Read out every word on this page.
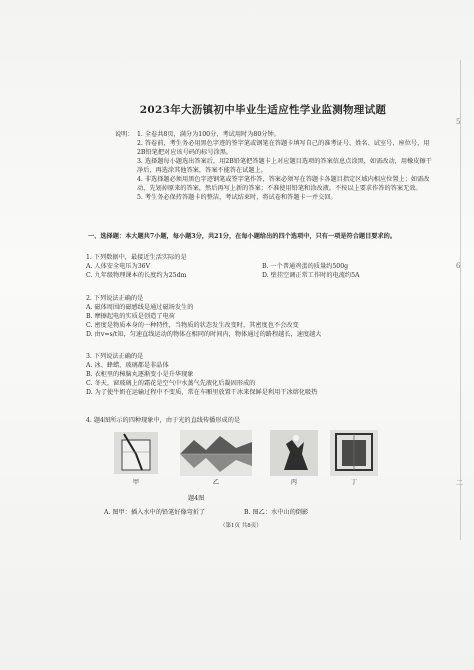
2023年大沥镇初中毕业生适应性学业监测物理试题
说明： 1. 全卷共8页，满分为100分，考试用时为80分钟。

2. 答卷前，考生务必用黑色字迹的签字笔或钢笔在答题卡填写自己的准考证号、姓名、试室号、座位号，用2B铅笔把对应该号码的标号涂黑。

3. 选择题每小题选出答案后，用2B铅笔把答题卡上对应题目选项的答案信息点涂黑，如需改动，用橡皮擦干净后，再选涂其他答案，答案不能答在试题上。

4. 非选择题必须用黑色字迹钢笔或签字笔作答，答案必须写在答题卡各题目指定区域内相应位置上；如需改动，先划掉原来的答案，然后再写上新的答案；不准使用铅笔和涂改液。不按以上要求作答的答案无效。

5. 考生务必保持答题卡的整洁，考试结束时，将试卷和答题卡一并交回。

一、选择题：本大题共7小题，每小题3分，共21分，在每小题给出的四个选项中，只有一项是符合题目要求的。
1. 下列数据中，最接近生活实际的是
A. 人体安全电压为36V	B. 一个普通鸡蛋的质量约500g
C. 九年级物理课本的长度约为25dm	D. 壁挂空调正常工作时的电流约5A
2. 下列说法正确的是
A. 磁体周围的磁感线是通过磁场发生的
B. 摩擦起电的实质是创造了电荷
C. 密度是物质本身的一种特性，当物质的状态发生改变时，其密度也不会改变
D. 由v=s/t知，匀速直线运动的物体在相同的时间内，物体通过的路程越长，速度越大
3. 下列说法正确的是
A. 冰、蜂蜡、玻璃都是非晶体
B. 衣柜里的樟脑丸逐渐变小是升华现象
C. 冬天，窗玻璃上的霜花是空气中水蒸气先液化后凝固形成的
D. 为了使牛奶在运输过程中不变质，常在车厢里放置干冰来保鲜是利用干冰熔化吸热
4. 题4图所示的四种现象中，由于光的直线传播形成的是
甲	乙	丙	丁
题4图
A. 图甲：插入水中的铅笔好像弯折了	B. 图乙：水中山的倒影
（第1页 共8页）
5
6
二
